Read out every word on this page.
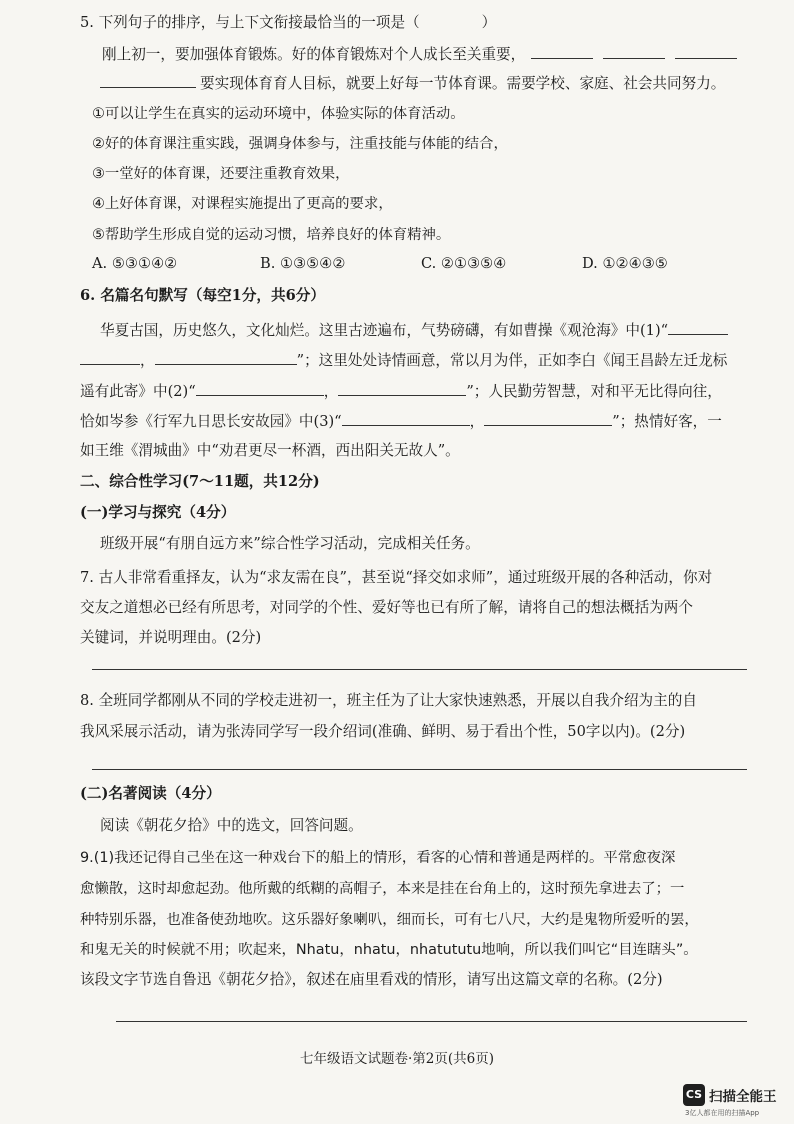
5. 下列句子的排序，与上下文衔接最恰当的一项是（	）
刚上初一，要加强体育锻炼。好的体育锻炼对个人成长至关重要，
要实现体育育人目标，就要上好每一节体育课。需要学校、家庭、社会共同努力。
①可以让学生在真实的运动环境中，体验实际的体育活动。
②好的体育课注重实践，强调身体参与，注重技能与体能的结合，
③一堂好的体育课，还要注重教育效果，
④上好体育课，对课程实施提出了更高的要求，
⑤帮助学生形成自觉的运动习惯，培养良好的体育精神。
A. ⑤③①④②	B. ①③⑤④②	C. ②①③⑤④	D. ①②④③⑤
6. 名篇名句默写（每空1分，共6分）
华夏古国，历史悠久，文化灿烂。这里古迹遍布，气势磅礴，有如曹操《观沧海》中(1)“
，	”；这里处处诗情画意，常以月为伴，正如李白《闻王昌龄左迁龙标
遥有此寄》中(2)“	，	”；人民勤劳智慧，对和平无比得向往，
恰如岑参《行军九日思长安故园》中(3)“	，	”；热情好客，一
如王维《渭城曲》中“劝君更尽一杯酒，西出阳关无故人”。
二、综合性学习(7～11题，共12分)
(一)学习与探究（4分）
班级开展“有朋自远方来”综合性学习活动，完成相关任务。
7. 古人非常看重择友，认为“求友需在良”，甚至说“择交如求师”，通过班级开展的各种活动，你对
交友之道想必已经有所思考，对同学的个性、爱好等也已有所了解，请将自己的想法概括为两个
关键词，并说明理由。(2分)
8. 全班同学都刚从不同的学校走进初一，班主任为了让大家快速熟悉，开展以自我介绍为主的自
我风采展示活动，请为张涛同学写一段介绍词(准确、鲜明、易于看出个性，50字以内)。(2分)
(二)名著阅读（4分）
阅读《朝花夕拾》中的选文，回答问题。
9.(1)我还记得自己坐在这一种戏台下的船上的情形，看客的心情和普通是两样的。平常愈夜深
愈懒散，这时却愈起劲。他所戴的纸糊的高帽子，本来是挂在台角上的，这时预先拿进去了；一
种特别乐器，也准备使劲地吹。这乐器好象喇叭，细而长，可有七八尺，大约是鬼物所爱听的罢，
和鬼无关的时候就不用；吹起来，Nhatu，nhatu，nhatututu地响，所以我们叫它“目连瞎头”。
该段文字节选自鲁迅《朝花夕拾》，叙述在庙里看戏的情形，请写出这篇文章的名称。(2分)
七年级语文试题卷·第2页(共6页)
CS 扫描全能王
3亿人都在用的扫描App
